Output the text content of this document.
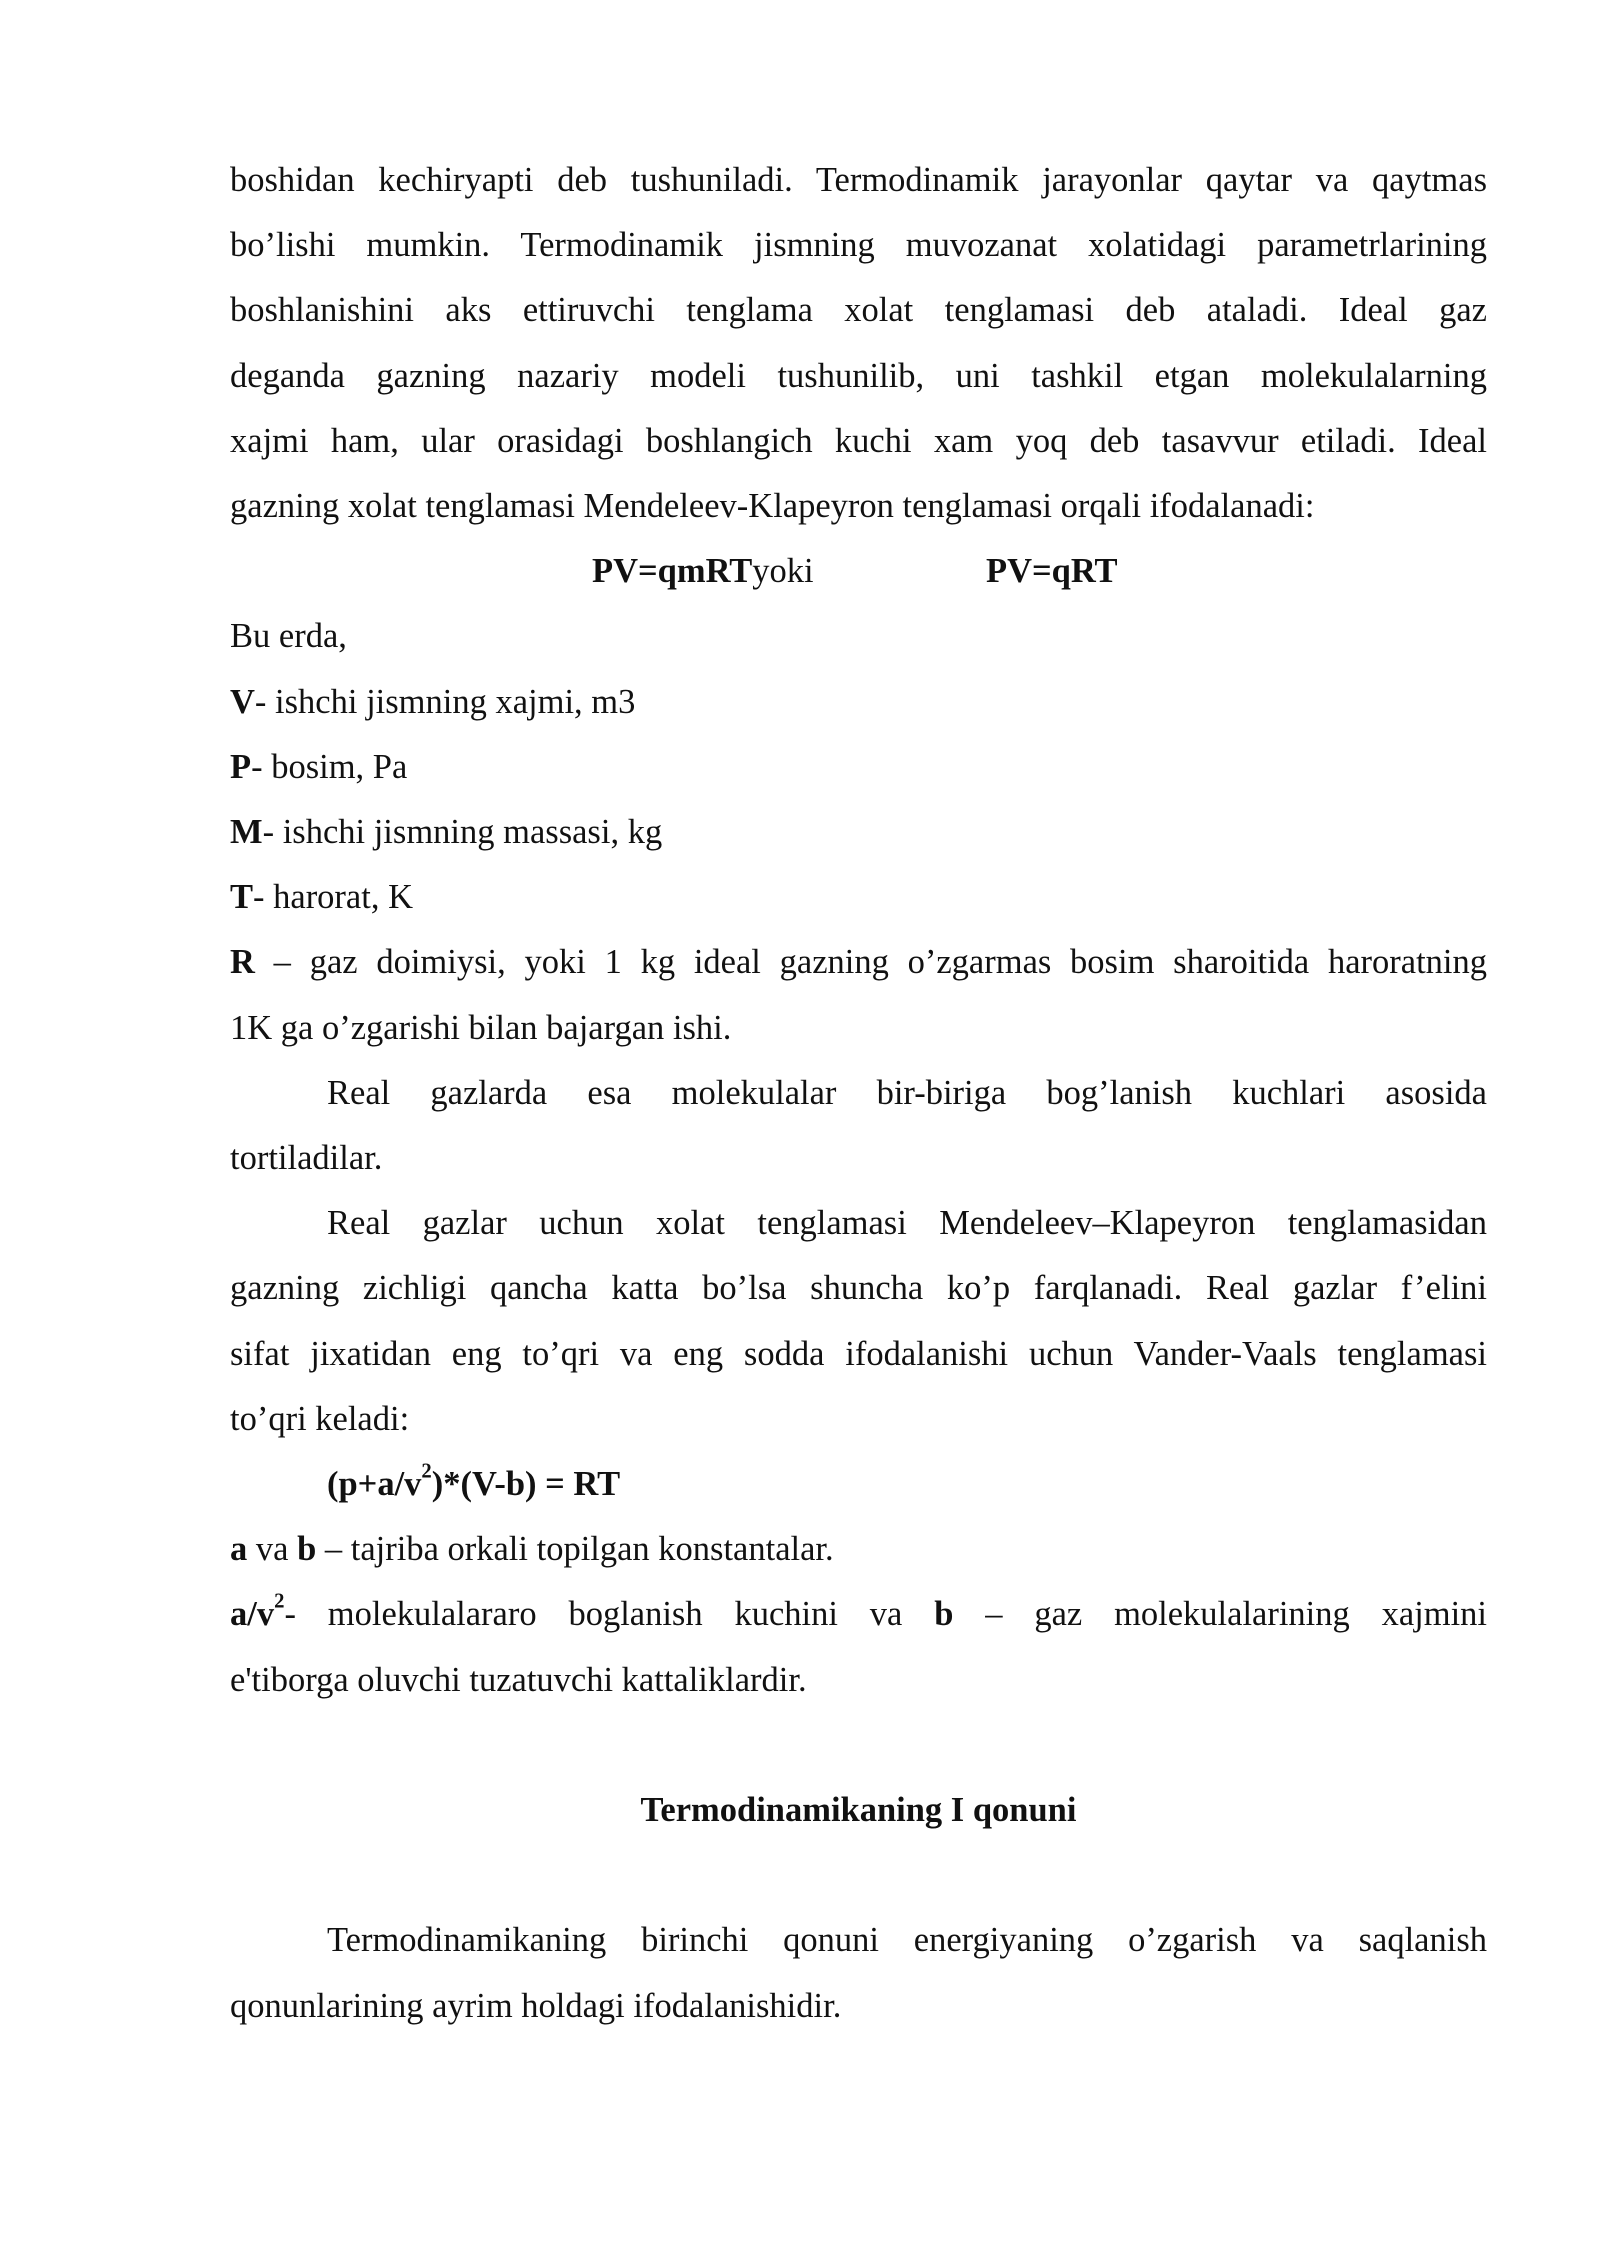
boshidan kechiryapti deb tushuniladi. Termodinamik jarayonlar qaytar va qaytmas
bo’lishi mumkin. Termodinamik jismning muvozanat xolatidagi parametrlarining
boshlanishini aks ettiruvchi tenglama xolat tenglamasi deb ataladi. Ideal gaz
deganda gazning nazariy modeli tushunilib, uni tashkil etgan molekulalarning
xajmi ham, ular orasidagi boshlangich kuchi xam yoq deb tasavvur etiladi. Ideal
gazning xolat tenglamasi Mendeleev-Klapeyron tenglamasi orqali ifodalanadi:
PV=qmRTyoki	PV=qRT
Bu erda,
V- ishchi jismning xajmi, m3
P- bosim, Pa
M- ishchi jismning massasi, kg
T- harorat, K
R – gaz doimiysi, yoki 1 kg ideal gazning o’zgarmas bosim sharoitida haroratning
1K ga o’zgarishi bilan bajargan ishi.
Real gazlarda esa molekulalar bir-biriga bog’lanish kuchlari asosida
tortiladilar.
Real gazlar uchun xolat tenglamasi Mendeleev–Klapeyron tenglamasidan
gazning zichligi qancha katta bo’lsa shuncha ko’p farqlanadi. Real gazlar f’elini
sifat jixatidan eng to’qri va eng sodda ifodalanishi uchun Vander-Vaals tenglamasi
to’qri keladi:
$(p+a/v^2)*(V-b)$ = RT
a va b – tajriba orkali topilgan konstantalar.
$a/v^2-$ molekulalararo boglanish kuchini va b – gaz molekulalarining xajmini
e'tiborga oluvchi tuzatuvchi kattaliklardir.
Termodinamikaning I qonuni
Termodinamikaning birinchi qonuni energiyaning o’zgarish va saqlanish
qonunlarining ayrim holdagi ifodalanishidir.
